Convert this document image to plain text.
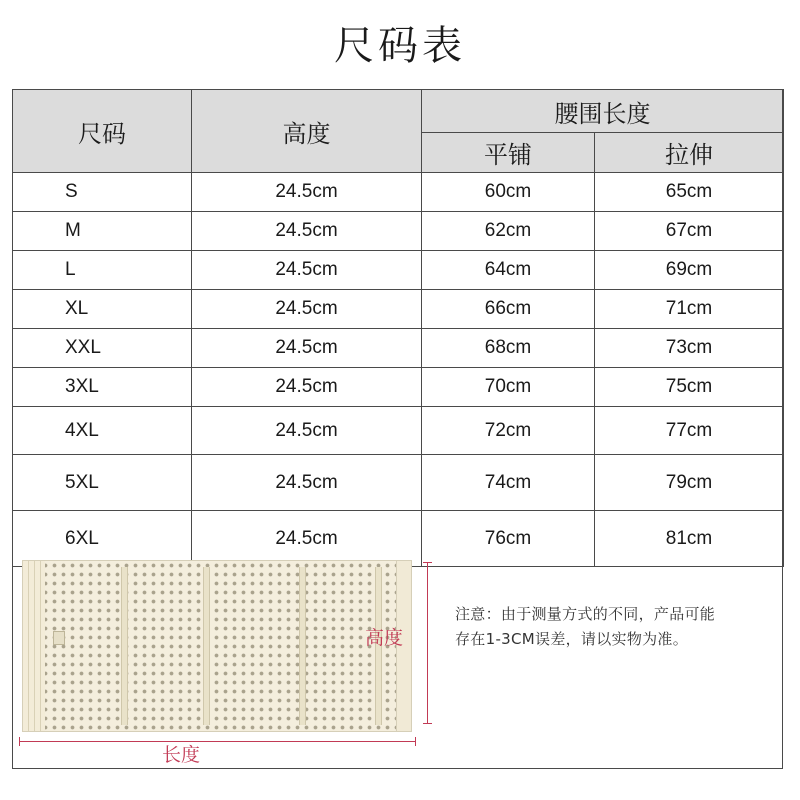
尺码表
尺码	高度	腰围长度	
		平铺	拉伸
S	24.5cm	60cm	65cm
M	24.5cm	62cm	67cm
L	24.5cm	64cm	69cm
XL	24.5cm	66cm	71cm
XXL	24.5cm	68cm	73cm
3XL	24.5cm	70cm	75cm
4XL	24.5cm	72cm	77cm
5XL	24.5cm	74cm	79cm
6XL	24.5cm	76cm	81cm
高度
长度
注意：由于测量方式的不同，产品可能
存在1-3CM误差，请以实物为准。
